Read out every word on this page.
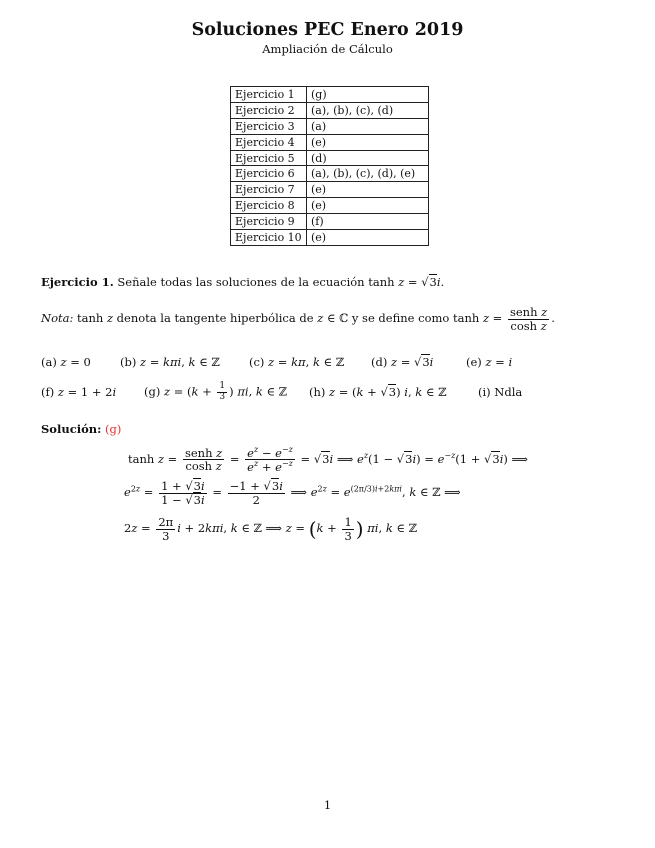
Soluciones PEC Enero 2019
Ampliación de Cálculo
Ejercicio 1	(g)
Ejercicio 2	(a), (b), (c), (d)
Ejercicio 3	(a)
Ejercicio 4	(e)
Ejercicio 5	(d)
Ejercicio 6	(a), (b), (c), (d), (e)
Ejercicio 7	(e)
Ejercicio 8	(e)
Ejercicio 9	(f)
Ejercicio 10	(e)
Ejercicio 1. Señale todas las soluciones de la ecuación tanh z = √3i.
Nota: tanh z denota la tangente hiperbólica de z ∈ ℂ y se define como $\tanh z = \frac{\text{senh z}}{\text{cosh z}}$ .
(a) z = 0	(b) z = kπi, k ∈ ℤ	(c) z = kπ, k ∈ ℤ (d) z = √3i	(e) z = i
(f) z = 1 + 2i (g) $z = (k + \frac{1}{3}$ ) πi, k ∈ ℤ (h) z = (k + √3) i, k ∈ ℤ	(i) Ndla
Solución: (g)
$\tanh z = \frac{\text{senh z}}{\text{cosh z}} = \frac{e^z - e^{-z}}{e^z + e^{-z}} = √3i$ ⟹ $e^z(1 - √3i) = e^{-z}(1 + √3i)$ ⟹
$e^{2z} = \frac{1 + √3i}{1 - √3i} = \frac{-1 + √3i}{2}$ ⟹ $e^{2z} = e^{(2\pi/3)i+2k\pi i}$, k ∈ ℤ ⟹
$2z = \frac{2\pi}{3}$ i + 2kπi, k ∈ ℤ ⟹ $z = (k + \frac{1}{3}$ ) πi, k ∈ ℤ
1
